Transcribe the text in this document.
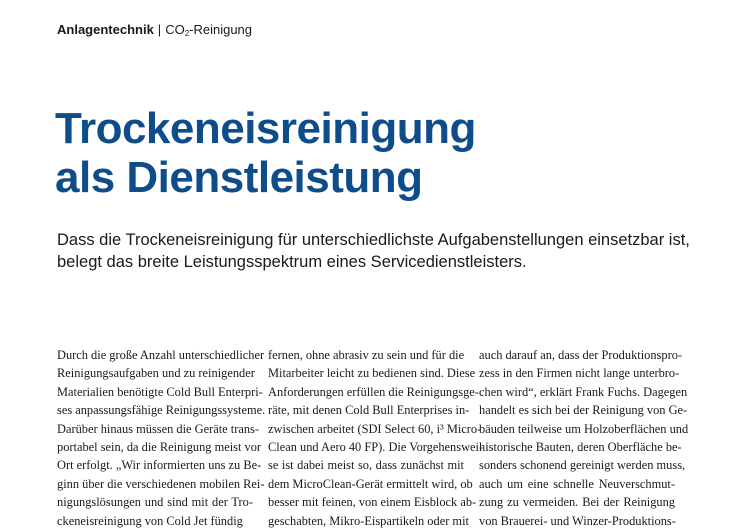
Anlagentechnik | $CO_2$-Reinigung
Trockeneisreinigung
als Dienstleistung

Dass die Trockeneisreinigung für unterschiedlichste Aufgabenstellungen einsetzbar ist,
belegt das breite Leistungsspektrum eines Servicedienstleisters.

Durch die große Anzahl unterschiedlicher
Reinigungsaufgaben und zu reinigender
Materialien benötigte Cold Bull Enterpri-
ses anpassungsfähige Reinigungssysteme.
Darüber hinaus müssen die Geräte trans-
portabel sein, da die Reinigung meist vor
Ort erfolgt. „Wir informierten uns zu Be-
ginn über die verschiedenen mobilen Rei-
nigungslösungen und sind mit der Tro-
ckeneisreinigung von Cold Jet fündig
fernen, ohne abrasiv zu sein und für die
Mitarbeiter leicht zu bedienen sind. Diese
Anforderungen erfüllen die Reinigungsge-
räte, mit denen Cold Bull Enterprises in-
zwischen arbeitet (SDI Select 60, i³ Micro-
Clean und Aero 40 FP). Die Vorgehenswei-
se ist dabei meist so, dass zunächst mit
dem MicroClean-Gerät ermittelt wird, ob
besser mit feinen, von einem Eisblock ab-
geschabten, Mikro-Eispartikeln oder mit
auch darauf an, dass der Produktionspro-
zess in den Firmen nicht lange unterbro-
chen wird“, erklärt Frank Fuchs. Dagegen
handelt es sich bei der Reinigung von Ge-
bäuden teilweise um Holzoberflächen und
historische Bauten, deren Oberfläche be-
sonders schonend gereinigt werden muss,
auch um eine schnelle Neuverschmut-
zung zu vermeiden. Bei der Reinigung
von Brauerei- und Winzer-Produktions-
